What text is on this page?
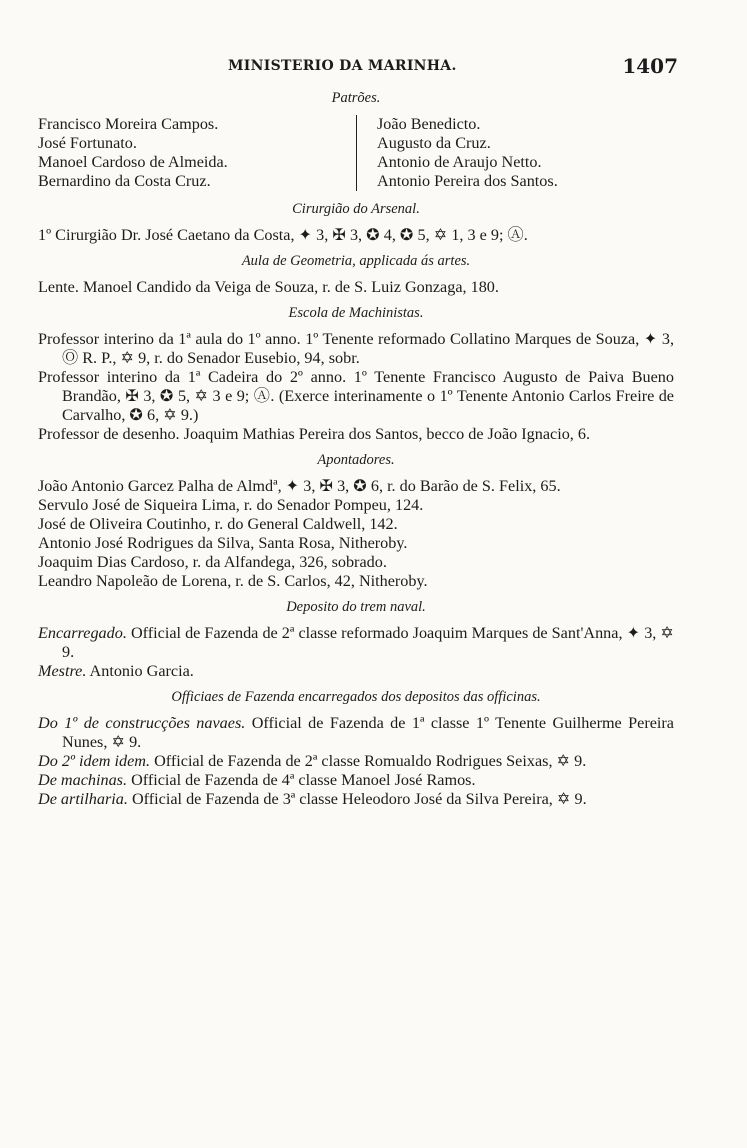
MINISTERIO DA MARINHA.	1407
Patrões.
Francisco Moreira Campos.
José Fortunato.
Manoel Cardoso de Almeida.
Bernardino da Costa Cruz.
João Benedicto.
Augusto da Cruz.
Antonio de Araujo Netto.
Antonio Pereira dos Santos.
Cirurgião do Arsenal.
1º Cirurgião Dr. José Caetano da Costa, ✦ 3, ✠ 3, ✪ 4, ✪ 5, ✡ 1, 3 e 9; Ⓐ.
Aula de Geometria, applicada ás artes.
Lente. Manoel Candido da Veiga de Souza, r. de S. Luiz Gonzaga, 180.
Escola de Machinistas.
Professor interino da 1ª aula do 1º anno. 1º Tenente reformado Collatino Marques de Souza, ✦ 3, Ⓞ R. P., ✡ 9, r. do Senador Eusebio, 94, sobr.
Professor interino da 1ª Cadeira do 2º anno. 1º Tenente Francisco Augusto de Paiva Bueno Brandão, ✠ 3, ✪ 5, ✡ 3 e 9; Ⓐ. (Exerce interinamente o 1º Tenente Antonio Carlos Freire de Carvalho, ✪ 6, ✡ 9.)
Professor de desenho. Joaquim Mathias Pereira dos Santos, becco de João Ignacio, 6.
Apontadores.
João Antonio Garcez Palha de Almdª, ✦ 3, ✠ 3, ✪ 6, r. do Barão de S. Felix, 65.
Servulo José de Siqueira Lima, r. do Senador Pompeu, 124.
José de Oliveira Coutinho, r. do General Caldwell, 142.
Antonio José Rodrigues da Silva, Santa Rosa, Nitheroby.
Joaquim Dias Cardoso, r. da Alfandega, 326, sobrado.
Leandro Napoleão de Lorena, r. de S. Carlos, 42, Nitheroby.
Deposito do trem naval.
Encarregado. Official de Fazenda de 2ª classe reformado Joaquim Marques de Sant'Anna, ✦ 3, ✡ 9.
Mestre. Antonio Garcia.
Officiaes de Fazenda encarregados dos depositos das officinas.
Do 1º de construcções navaes. Official de Fazenda de 1ª classe 1º Tenente Guilherme Pereira Nunes, ✡ 9.
Do 2º idem idem. Official de Fazenda de 2ª classe Romualdo Rodrigues Seixas, ✡ 9.
De machinas. Official de Fazenda de 4ª classe Manoel José Ramos.
De artilharia. Official de Fazenda de 3ª classe Heleodoro José da Silva Pereira, ✡ 9.
